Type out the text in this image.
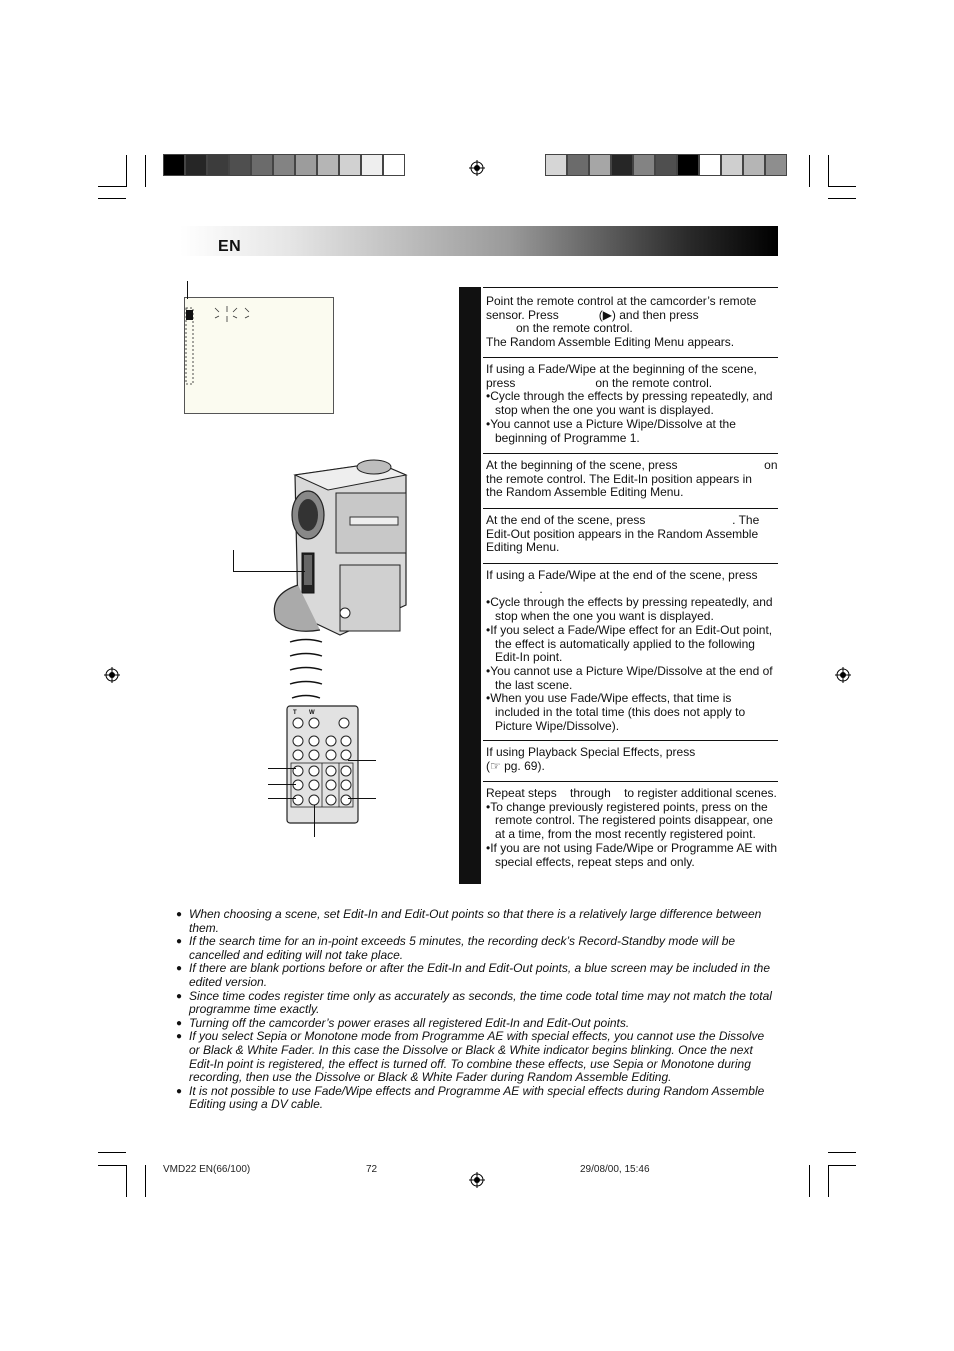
EN
T W
Point the remote control at the camcorder’s remote
sensor. Press            (▶) and then press
on the remote control.
The Random Assemble Editing Menu appears.
If using a Fade/Wipe at the beginning of the scene,
press                        on the remote control.
•Cycle through the effects by pressing repeatedly, and stop when the one you want is displayed.
•You cannot use a Picture Wipe/Dissolve at the beginning of Programme 1.
At the beginning of the scene, press                          on
the remote control. The Edit-In position appears in
the Random Assemble Editing Menu.
At the end of the scene, press                          . The
Edit-Out position appears in the Random Assemble
Editing Menu.
If using a Fade/Wipe at the end of the scene, press
.
•Cycle through the effects by pressing repeatedly, and stop when the one you want is displayed.
•If you select a Fade/Wipe effect for an Edit-Out point, the effect is automatically applied to the following Edit-In point.
•You cannot use a Picture Wipe/Dissolve at the end of the last scene.
•When you use Fade/Wipe effects, that time is included in the total time (this does not apply to Picture Wipe/Dissolve).
If using Playback Special Effects, press
(☞ pg. 69).
Repeat steps    through    to register additional scenes.
•To change previously registered points, press on the remote control. The registered points disappear, one at a time, from the most recently registered point.
•If you are not using Fade/Wipe or Programme AE with special effects, repeat steps and only.

● When choosing a scene, set Edit-In and Edit-Out points so that there is a relatively large difference between them.

● If the search time for an in-point exceeds 5 minutes, the recording deck’s Record-Standby mode will be cancelled and editing will not take place.

● If there are blank portions before or after the Edit-In and Edit-Out points, a blue screen may be included in the edited version.

● Since time codes register time only as accurately as seconds, the time code total time may not match the total programme time exactly.

● Turning off the camcorder’s power erases all registered Edit-In and Edit-Out points.

● If you select Sepia or Monotone mode from Programme AE with special effects, you cannot use the Dissolve or Black & White Fader. In this case the Dissolve or Black & White indicator begins blinking. Once the next Edit-In point is registered, the effect is turned off. To combine these effects, use Sepia or Monotone during recording, then use the Dissolve or Black & White Fader during Random Assemble Editing.

● It is not possible to use Fade/Wipe effects and Programme AE with special effects during Random Assemble Editing using a DV cable.

VMD22 EN(66/100)	72	29/08/00, 15:46
